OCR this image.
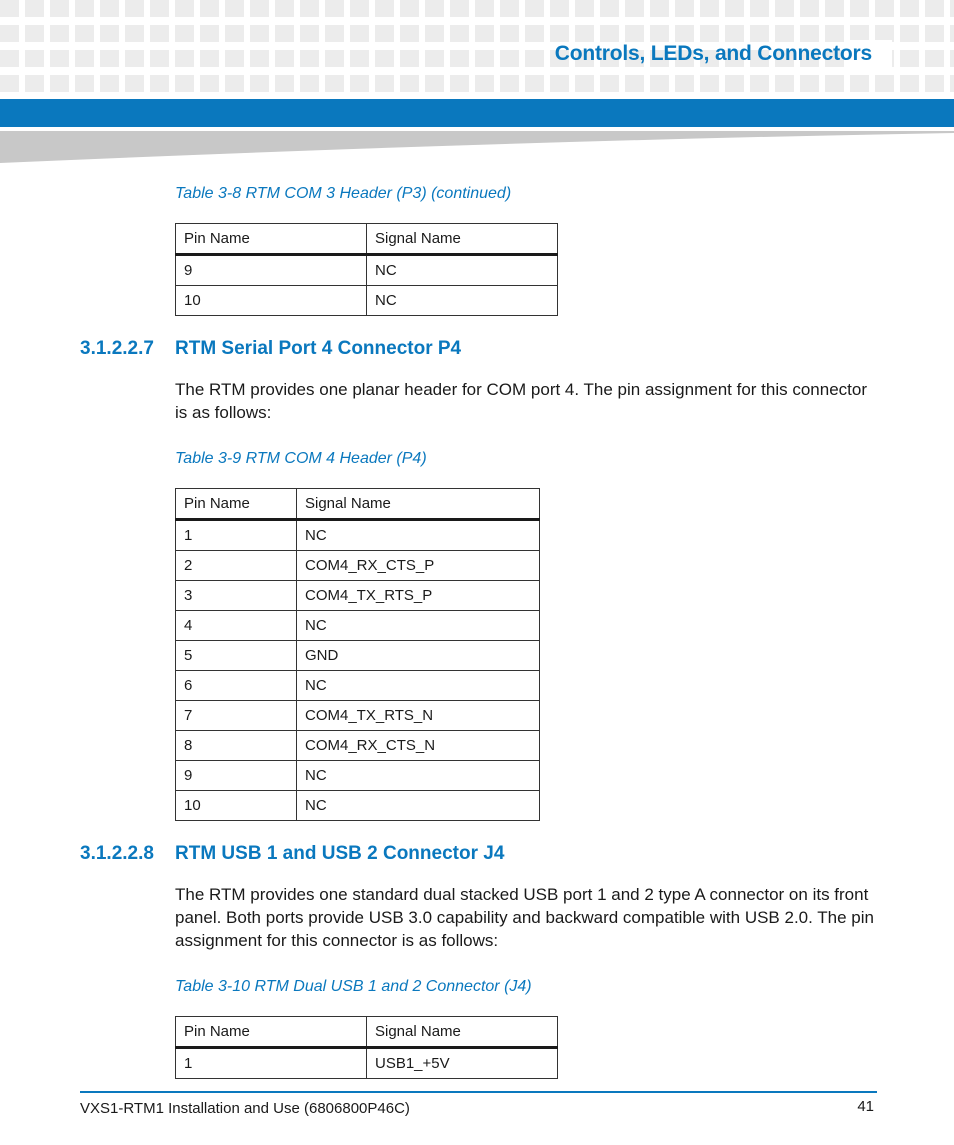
Controls, LEDs, and Connectors
Table 3-8 RTM COM 3 Header (P3) (continued)
Pin Name	Signal Name
9	NC
10	NC
3.1.2.2.7 RTM Serial Port 4 Connector P4
The RTM provides one planar header for COM port 4. The pin assignment for this connector is as follows:
Table 3-9 RTM COM 4 Header (P4)
Pin Name	Signal Name
1	NC
2	COM4_RX_CTS_P
3	COM4_TX_RTS_P
4	NC
5	GND
6	NC
7	COM4_TX_RTS_N
8	COM4_RX_CTS_N
9	NC
10	NC
3.1.2.2.8 RTM USB 1 and USB 2 Connector J4
The RTM provides one standard dual stacked USB port 1 and 2 type A connector on its front panel. Both ports provide USB 3.0 capability and backward compatible with USB 2.0. The pin assignment for this connector is as follows:
Table 3-10 RTM Dual USB 1 and 2 Connector (J4)
Pin Name	Signal Name
1	USB1_+5V
VXS1-RTM1 Installation and Use (6806800P46C)	41
